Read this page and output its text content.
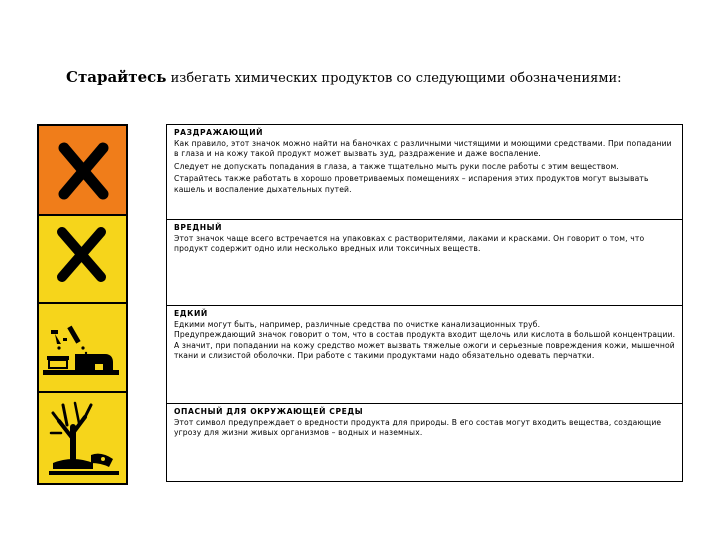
Старайтесь избегать химических продуктов со следующими обозначениями:
РАЗДРАЖАЮЩИЙ

Как правило, этот значок можно найти на баночках с различными чистящими и моющими средствами. При попадании в глаза и на кожу такой продукт может вызвать зуд, раздражение и даже воспаление.

Следует не допускать попадания в глаза, а также тщательно мыть руки после работы с этим веществом.

Старайтесь также работать в хорошо проветриваемых помещениях – испарения этих продуктов могут вызывать кашель и воспаление дыхательных путей.

ВРЕДНЫЙ

Этот значок чаще всего встречается на упаковках с растворителями, лаками и красками. Он говорит о том, что продукт содержит одно или несколько вредных или токсичных веществ.

ЕДКИЙ

Едкими могут быть, например, различные средства по очистке канализационных труб.

Предупреждающий значок говорит о том, что в состав продукта входит щелочь или кислота в большой концентрации. А значит, при попадании на кожу средство может вызвать тяжелые ожоги и серьезные повреждения кожи, мышечной ткани и слизистой оболочки. При работе с такими продуктами надо обязательно одевать перчатки.

ОПАСНЫЙ ДЛЯ ОКРУЖАЮЩЕЙ СРЕДЫ

Этот символ предупреждает о вредности продукта для природы. В его состав могут входить вещества, создающие угрозу для жизни живых организмов – водных и наземных.
